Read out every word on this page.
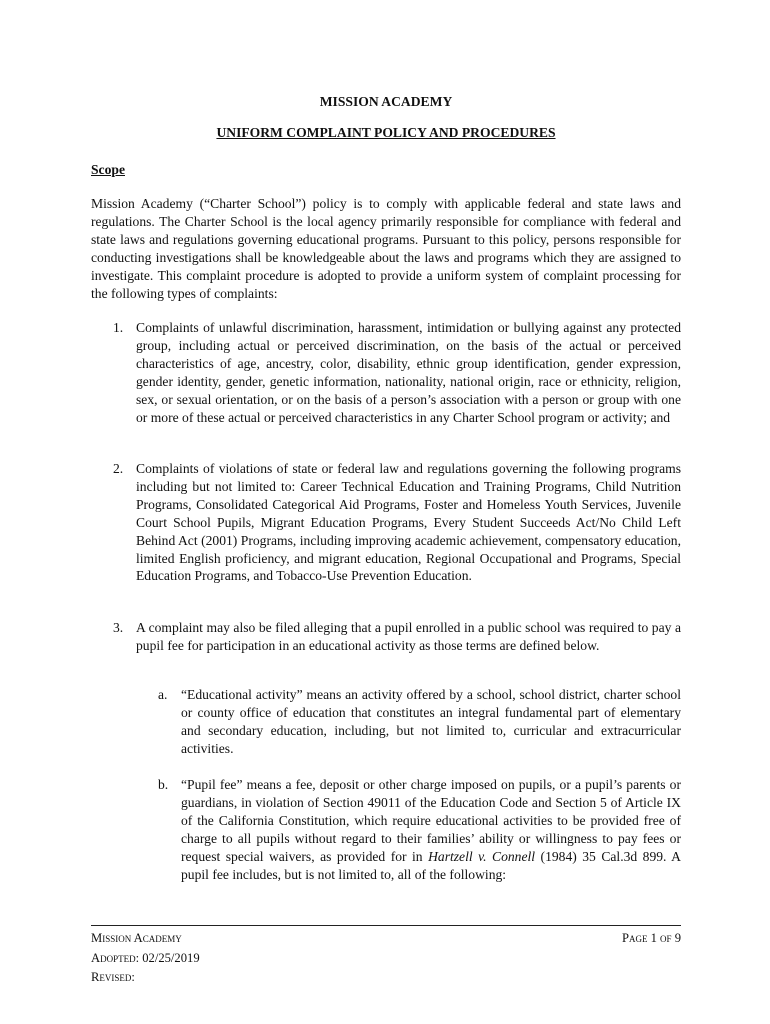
MISSION ACADEMY
UNIFORM COMPLAINT POLICY AND PROCEDURES
Scope
Mission Academy (“Charter School”) policy is to comply with applicable federal and state laws and regulations. The Charter School is the local agency primarily responsible for compliance with federal and state laws and regulations governing educational programs. Pursuant to this policy, persons responsible for conducting investigations shall be knowledgeable about the laws and programs which they are assigned to investigate. This complaint procedure is adopted to provide a uniform system of complaint processing for the following types of complaints:
1. Complaints of unlawful discrimination, harassment, intimidation or bullying against any protected group, including actual or perceived discrimination, on the basis of the actual or perceived characteristics of age, ancestry, color, disability, ethnic group identification, gender expression, gender identity, gender, genetic information, nationality, national origin, race or ethnicity, religion, sex, or sexual orientation, or on the basis of a person’s association with a person or group with one or more of these actual or perceived characteristics in any Charter School program or activity; and
2. Complaints of violations of state or federal law and regulations governing the following programs including but not limited to: Career Technical Education and Training Programs, Child Nutrition Programs, Consolidated Categorical Aid Programs, Foster and Homeless Youth Services, Juvenile Court School Pupils, Migrant Education Programs, Every Student Succeeds Act/No Child Left Behind Act (2001) Programs, including improving academic achievement, compensatory education, limited English proficiency, and migrant education, Regional Occupational and Programs, Special Education Programs, and Tobacco-Use Prevention Education.
3. A complaint may also be filed alleging that a pupil enrolled in a public school was required to pay a pupil fee for participation in an educational activity as those terms are defined below.
a. “Educational activity” means an activity offered by a school, school district, charter school or county office of education that constitutes an integral fundamental part of elementary and secondary education, including, but not limited to, curricular and extracurricular activities.
b. “Pupil fee” means a fee, deposit or other charge imposed on pupils, or a pupil’s parents or guardians, in violation of Section 49011 of the Education Code and Section 5 of Article IX of the California Constitution, which require educational activities to be provided free of charge to all pupils without regard to their families’ ability or willingness to pay fees or request special waivers, as provided for in Hartzell v. Connell (1984) 35 Cal.3d 899. A pupil fee includes, but is not limited to, all of the following:
Mission Academy
Adopted: 02/25/2019
Revised:
Page 1 of 9
